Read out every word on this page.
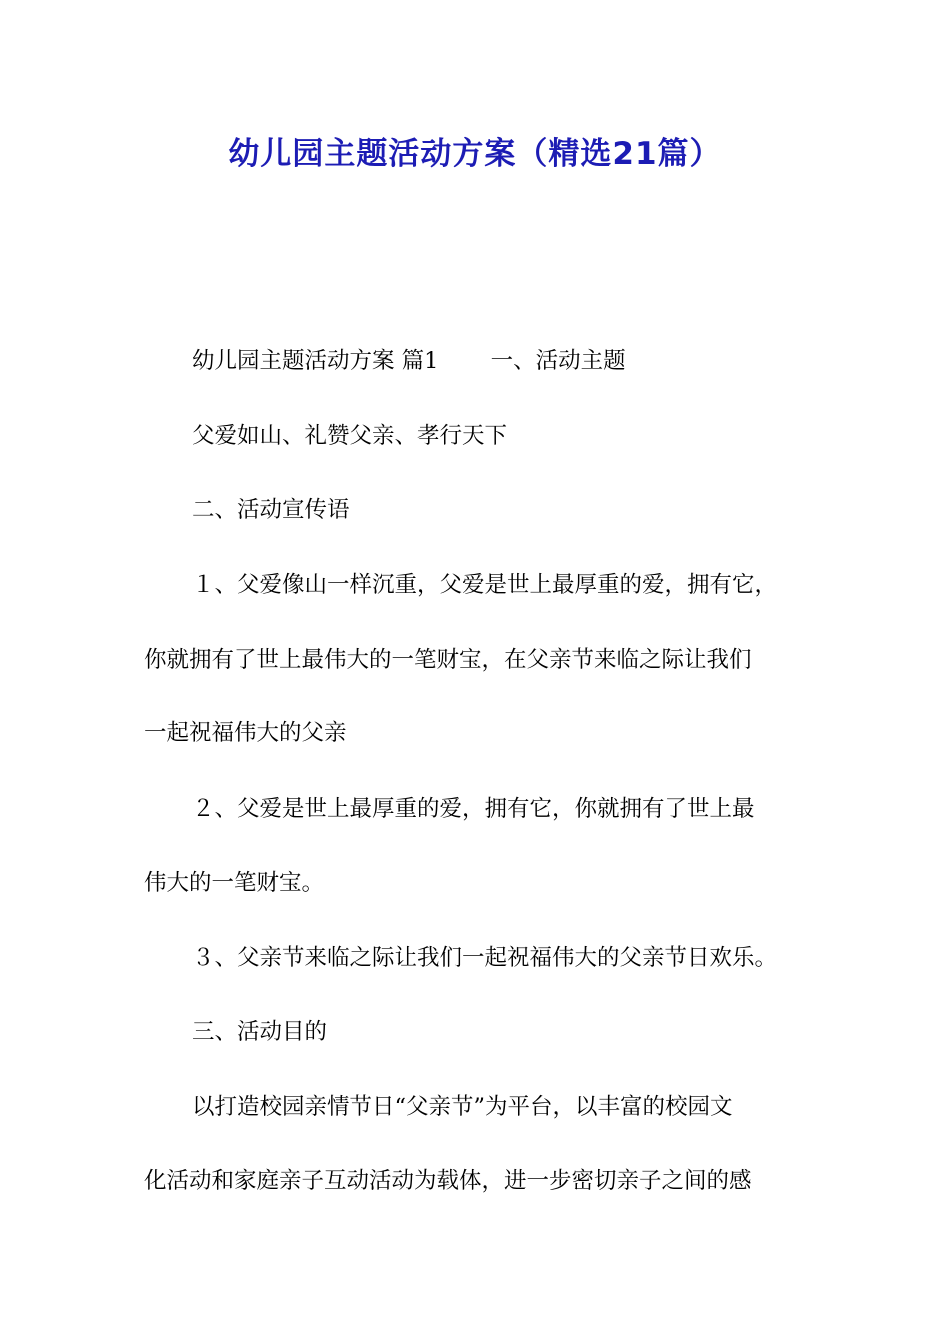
幼儿园主题活动方案（精选21篇）
幼儿园主题活动方案 篇1 　　一、活动主题
父爱如山、礼赞父亲、孝行天下
二、活动宣传语
１、父爱像山一样沉重，父爱是世上最厚重的爱，拥有它，
你就拥有了世上最伟大的一笔财宝，在父亲节来临之际让我们
一起祝福伟大的父亲
２、父爱是世上最厚重的爱，拥有它，你就拥有了世上最
伟大的一笔财宝。
３、父亲节来临之际让我们一起祝福伟大的父亲节日欢乐。
三、活动目的
以打造校园亲情节日“父亲节”为平台，以丰富的校园文
化活动和家庭亲子互动活动为载体，进一步密切亲子之间的感
